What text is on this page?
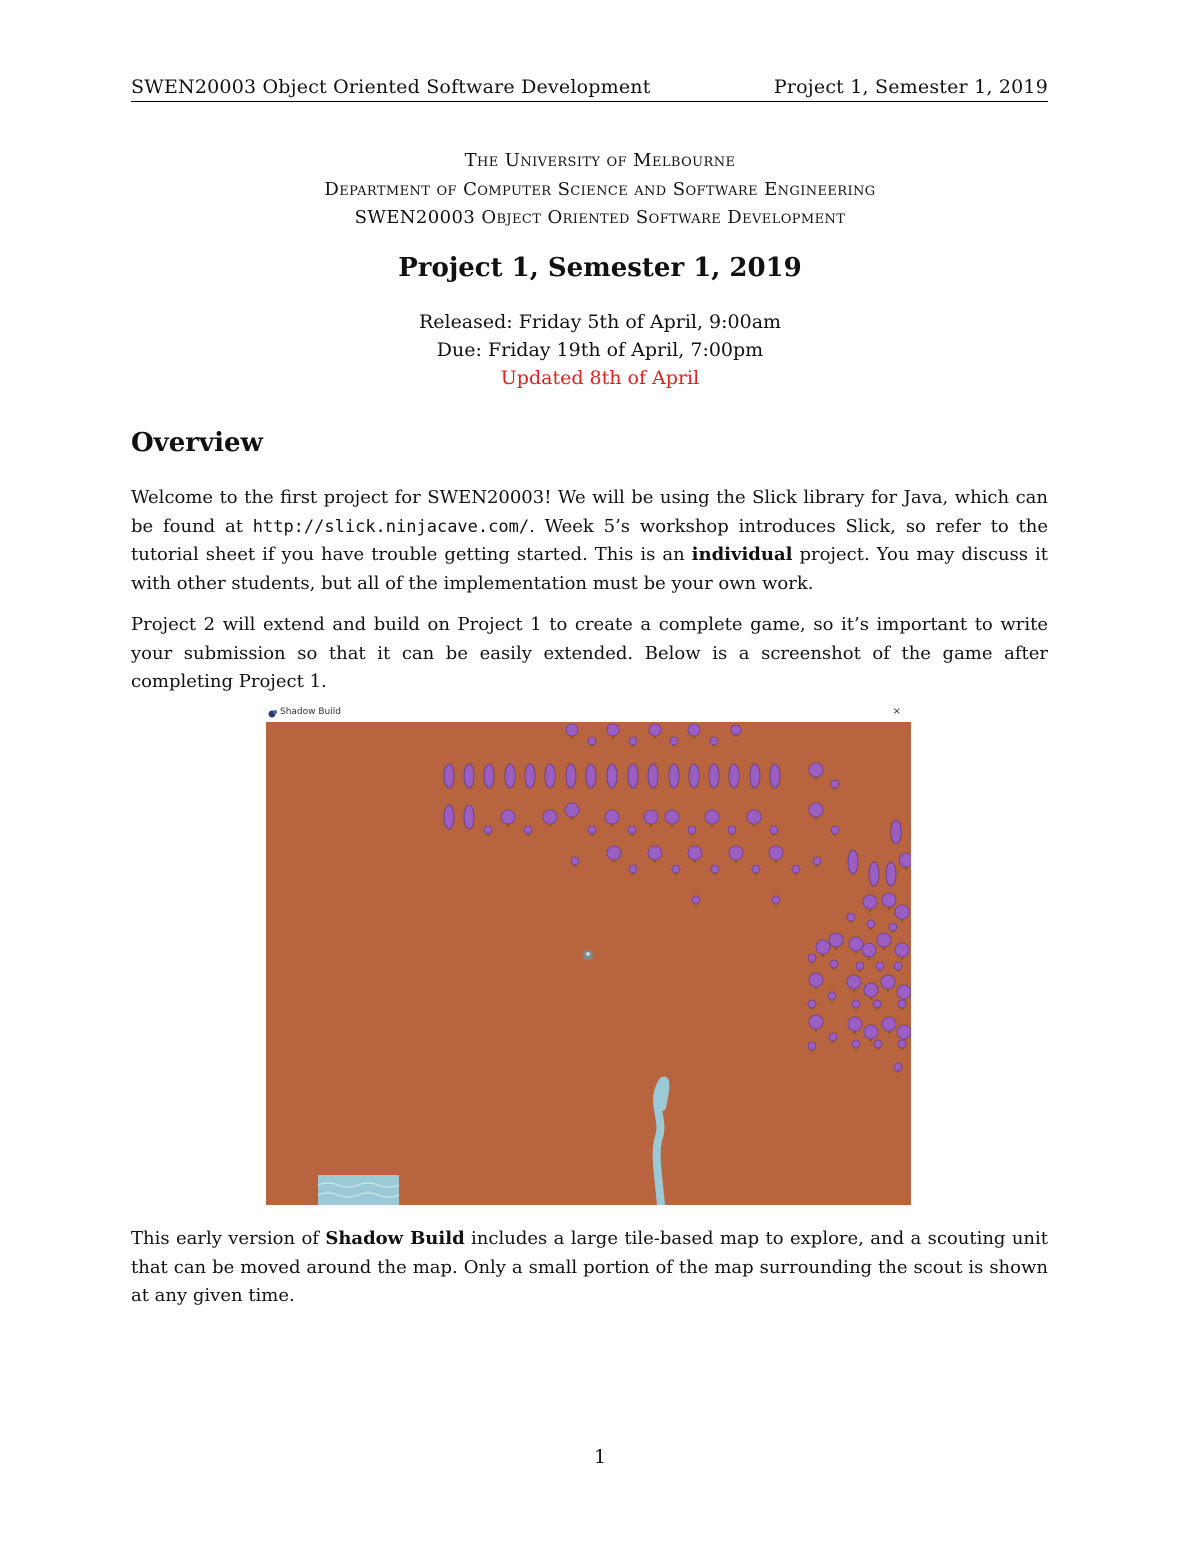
SWEN20003 Object Oriented Software Development	Project 1, Semester 1, 2019
The University of Melbourne
Department of Computer Science and Software Engineering
SWEN20003 Object Oriented Software Development
Project 1, Semester 1, 2019
Released: Friday 5th of April, 9:00am
Due: Friday 19th of April, 7:00pm
Updated 8th of April
Overview
Welcome to the first project for SWEN20003! We will be using the Slick library for Java, which can be found at http://slick.ninjacave.com/. Week 5’s workshop introduces Slick, so refer to the tutorial sheet if you have trouble getting started. This is an individual project. You may discuss it with other students, but all of the implementation must be your own work.
Project 2 will extend and build on Project 1 to create a complete game, so it’s important to write your submission so that it can be easily extended. Below is a screenshot of the game after completing Project 1.
Shadow Build	×
This early version of Shadow Build includes a large tile-based map to explore, and a scouting unit that can be moved around the map. Only a small portion of the map surrounding the scout is shown at any given time.
1
